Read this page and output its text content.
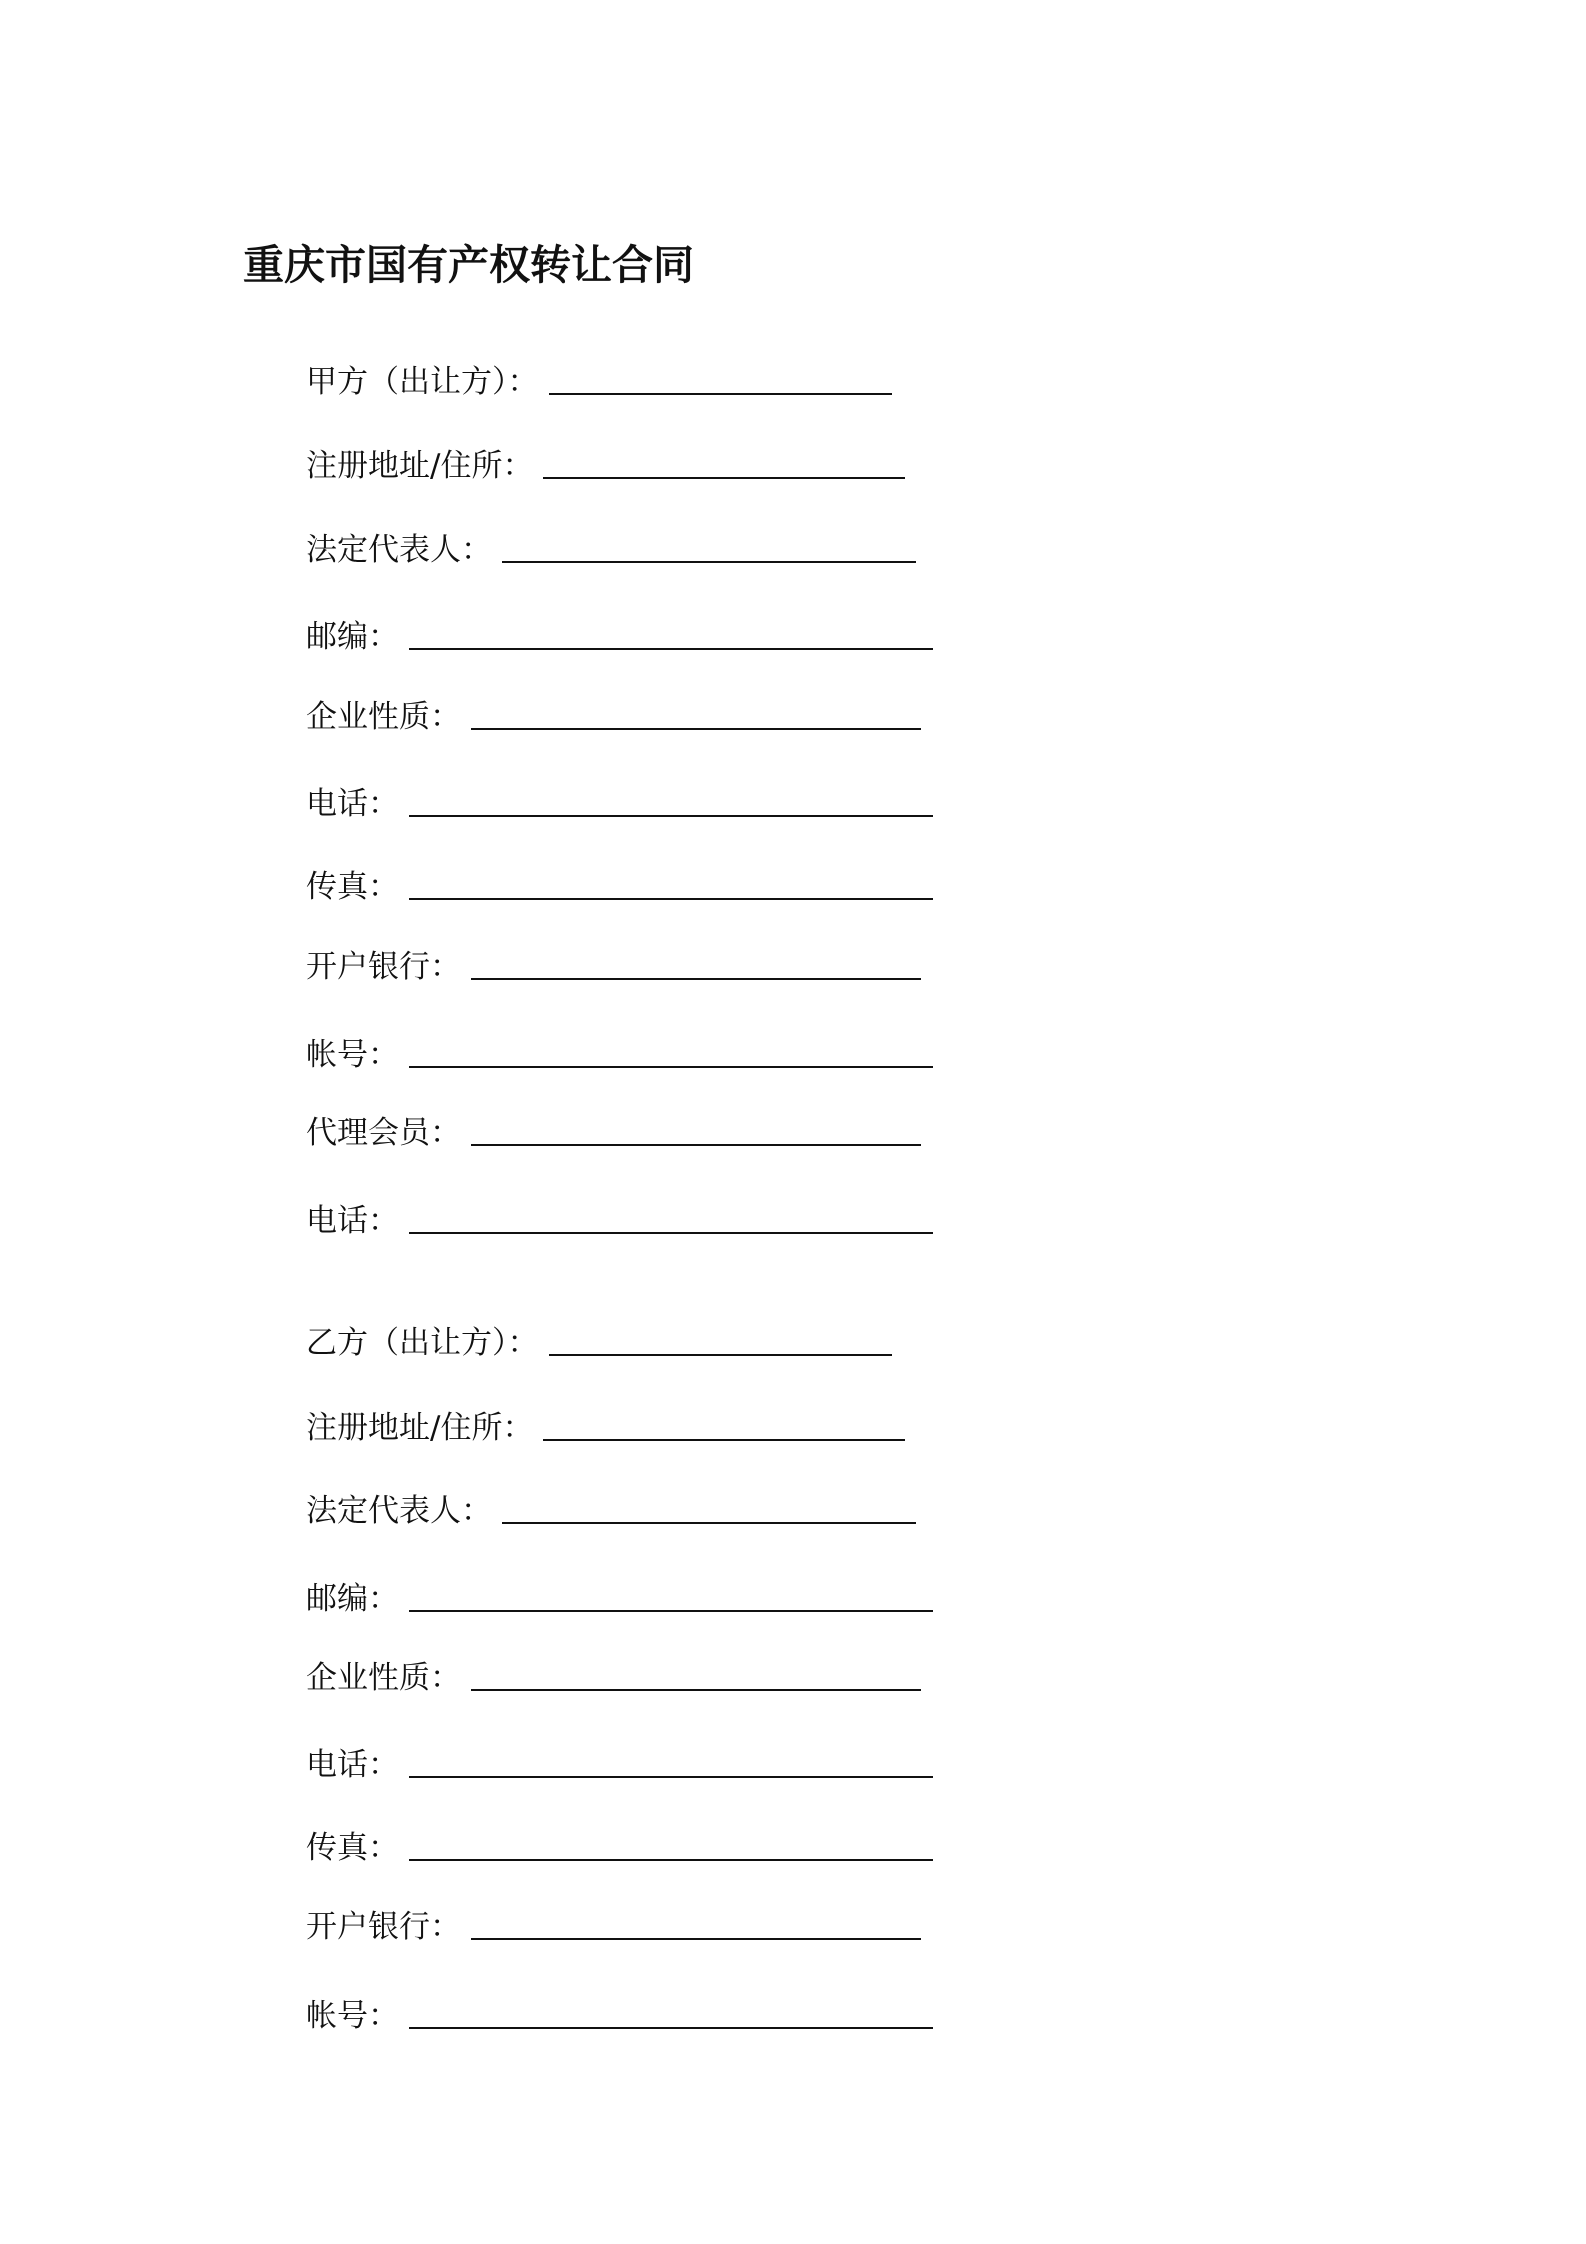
重庆市国有产权转让合同
甲方（出让方）：
注册地址/住所：
法定代表人：
邮编：
企业性质：
电话：
传真：
开户银行：
帐号：
代理会员：
电话：
乙方（出让方）：
注册地址/住所：
法定代表人：
邮编：
企业性质：
电话：
传真：
开户银行：
帐号：
